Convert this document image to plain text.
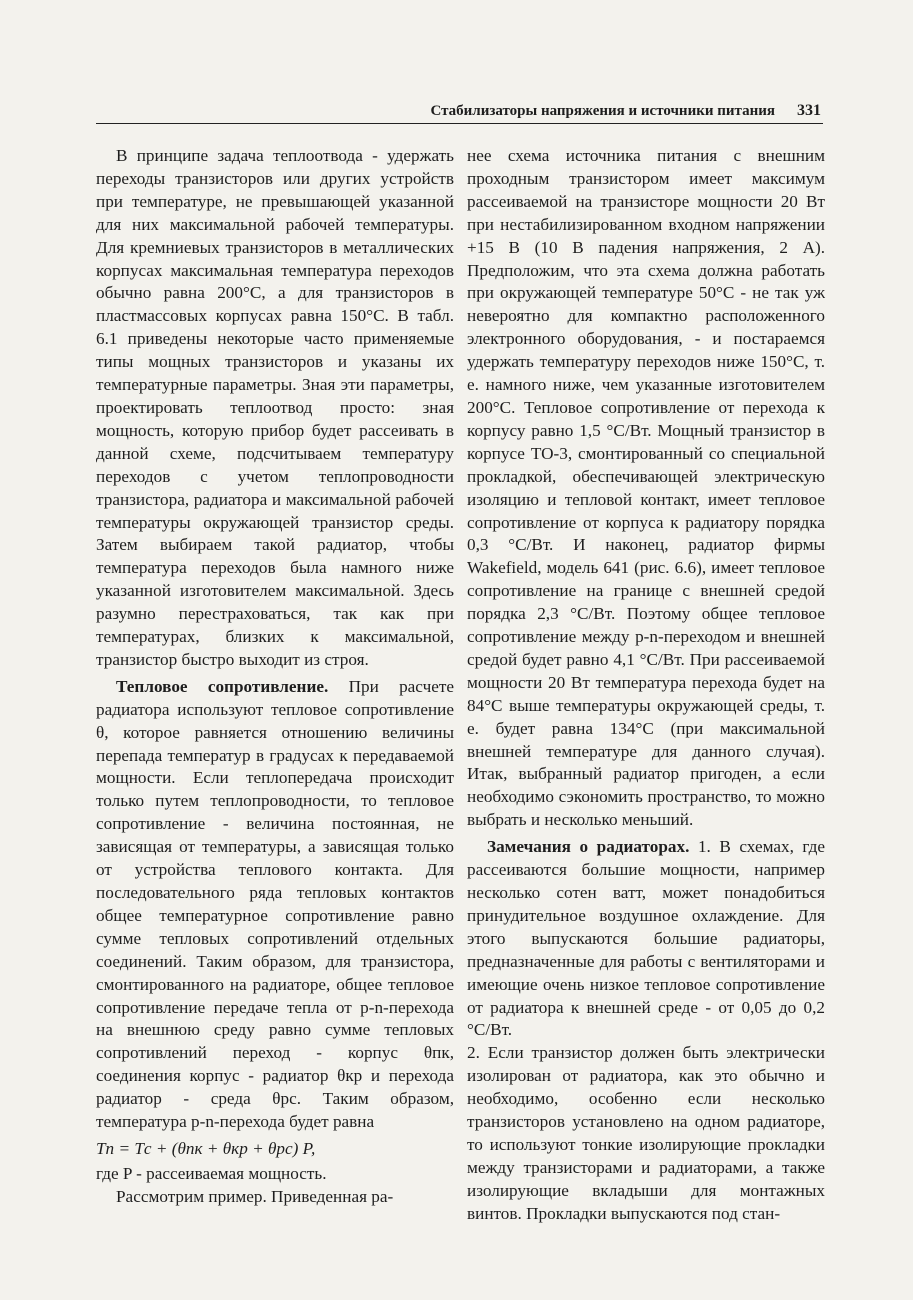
Стабилизаторы напряжения и источники питания 331

В принципе задача теплоотвода - удержать переходы транзисторов или других устройств при температуре, не превышающей указанной для них максимальной рабочей температуры. Для кремниевых транзисторов в металлических корпусах максимальная температура переходов обычно равна 200°С, а для транзисторов в пластмассовых корпусах равна 150°С. В табл. 6.1 приведены некоторые часто применяемые типы мощных транзисторов и указаны их температурные параметры. Зная эти параметры, проектировать теплоотвод просто: зная мощность, которую прибор будет рассеивать в данной схеме, подсчитываем температуру переходов с учетом теплопроводности транзистора, радиатора и максимальной рабочей температуры окружающей транзистор среды. Затем выбираем такой радиатор, чтобы температура переходов была намного ниже указанной изготовителем максимальной. Здесь разумно перестраховаться, так как при температурах, близких к максимальной, транзистор быстро выходит из строя.

Тепловое сопротивление. При расчете радиатора используют тепловое сопротивление θ, которое равняется отношению величины перепада температур в градусах к передаваемой мощности. Если теплопередача происходит только путем теплопроводности, то тепловое сопротивление - величина постоянная, не зависящая от температуры, а зависящая только от устройства теплового контакта. Для последовательного ряда тепловых контактов общее температурное сопротивление равно сумме тепловых сопротивлений отдельных соединений. Таким образом, для транзистора, смонтированного на радиаторе, общее тепловое сопротивление передаче тепла от p-n-перехода на внешнюю среду равно сумме тепловых сопротивлений переход - корпус θпк, соединения корпус - радиатор θкр и перехода радиатор - среда θрс. Таким образом, температура p-n-перехода будет равна

Tп = Tс + (θпк + θкр + θрс) P,

где P - рассеиваемая мощность.

Рассмотрим пример. Приведенная ра-

нее схема источника питания с внешним проходным транзистором имеет максимум рассеиваемой на транзисторе мощности 20 Вт при нестабилизированном входном напряжении +15 В (10 В падения напряжения, 2 А). Предположим, что эта схема должна работать при окружающей температуре 50°С - не так уж невероятно для компактно расположенного электронного оборудования, - и постараемся удержать температуру переходов ниже 150°С, т. е. намного ниже, чем указанные изготовителем 200°С. Тепловое сопротивление от перехода к корпусу равно 1,5 °С/Вт. Мощный транзистор в корпусе ТО-3, смонтированный со специальной прокладкой, обеспечивающей электрическую изоляцию и тепловой контакт, имеет тепловое сопротивление от корпуса к радиатору порядка 0,3 °С/Вт. И наконец, радиатор фирмы Wakefield, модель 641 (рис. 6.6), имеет тепловое сопротивление на границе с внешней средой порядка 2,3 °С/Вт. Поэтому общее тепловое сопротивление между p-n-переходом и внешней средой будет равно 4,1 °С/Вт. При рассеиваемой мощности 20 Вт температура перехода будет на 84°С выше температуры окружающей среды, т. е. будет равна 134°С (при максимальной внешней температуре для данного случая). Итак, выбранный радиатор пригоден, а если необходимо сэкономить пространство, то можно выбрать и несколько меньший.

Замечания о радиаторах. 1. В схемах, где рассеиваются большие мощности, например несколько сотен ватт, может понадобиться принудительное воздушное охлаждение. Для этого выпускаются большие радиаторы, предназначенные для работы с вентиляторами и имеющие очень низкое тепловое сопротивление от радиатора к внешней среде - от 0,05 до 0,2 °С/Вт.

2. Если транзистор должен быть электрически изолирован от радиатора, как это обычно и необходимо, особенно если несколько транзисторов установлено на одном радиаторе, то используют тонкие изолирующие прокладки между транзисторами и радиаторами, а также изолирующие вкладыши для монтажных винтов. Прокладки выпускаются под стан-
